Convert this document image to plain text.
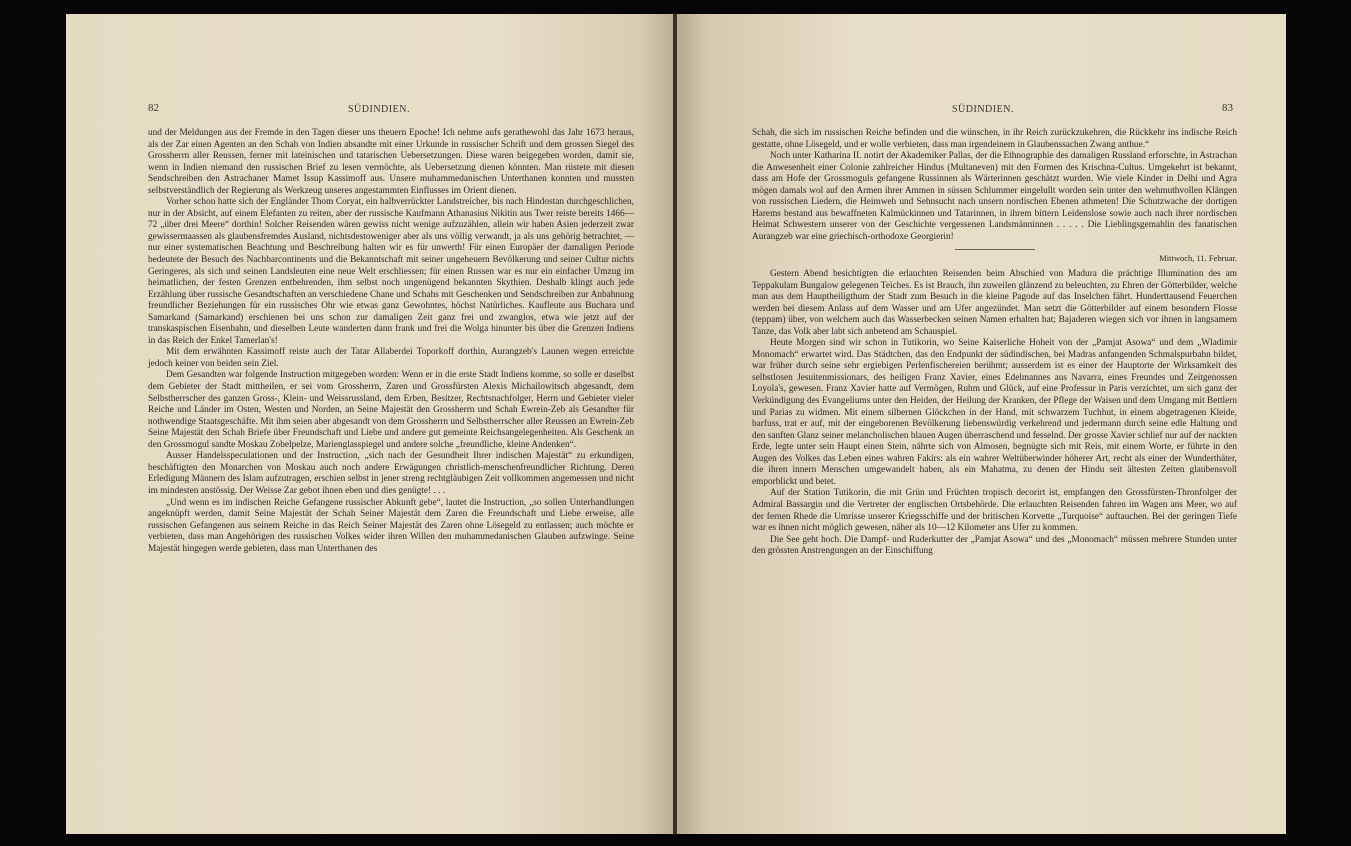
82	SÜDINDIEN.

und der Meldungen aus der Fremde in den Tagen dieser uns theuern Epoche! Ich nehme aufs gerathewohl das Jahr 1673 heraus, als der Zar einen Agenten an den Schah von Indien absandte mit einer Urkunde in russischer Schrift und dem grossen Siegel des Grossherrn aller Reussen, ferner mit lateinischen und tatarischen Uebersetzungen. Diese waren beigegeben worden, damit sie, wenn in Indien niemand den russischen Brief zu lesen vermöchte, als Uebersetzung dienen könnten. Man rüstete mit diesen Sendschreiben den Astrachaner Mamet Issup Kassimoff aus. Unsere muhammedanischen Unterthanen konnten und mussten selbstverständlich der Regierung als Werkzeug unseres angestammten Einflusses im Orient dienen.

Vorher schon hatte sich der Engländer Thom Coryat, ein halbverrückter Landstreicher, bis nach Hindostan durchgeschlichen, nur in der Absicht, auf einem Elefanten zu reiten, aber der russische Kaufmann Athanasius Nikitin aus Twer reiste bereits 1466—72 „über drei Meere“ dorthin! Solcher Reisenden wären gewiss nicht wenige aufzuzählen, allein wir haben Asien jederzeit zwar gewissermaassen als glaubensfremdes Ausland, nichtsdestoweniger aber als uns völlig verwandt, ja als uns gehörig betrachtet, — nur einer systematischen Beachtung und Beschreibung halten wir es für unwerth! Für einen Europäer der damaligen Periode bedeutete der Besuch des Nachbarcontinents und die Bekanntschaft mit seiner ungeheuern Bevölkerung und seiner Cultur nichts Geringeres, als sich und seinen Landsleuten eine neue Welt erschliessen; für einen Russen war es nur ein einfacher Umzug im heimatlichen, der festen Grenzen entbehrenden, ihm selbst noch ungenügend bekannten Skythien. Deshalb klingt auch jede Erzählung über russische Gesandtschaften an verschiedene Chane und Schahs mit Geschenken und Sendschreiben zur Anbahnung freundlicher Beziehungen für ein russisches Ohr wie etwas ganz Gewohntes, höchst Natürliches. Kaufleute aus Buchara und Samarkand (Samarkand) erschienen bei uns schon zur damaligen Zeit ganz frei und zwanglos, etwa wie jetzt auf der transkaspischen Eisenbahn, und dieselben Leute wanderten dann frank und frei die Wolga hinunter bis über die Grenzen Indiens in das Reich der Enkel Tamerlan's!

Mit dem erwähnten Kassimoff reiste auch der Tatar Allaberdei Toporkoff dorthin, Aurangzeb's Launen wegen erreichte jedoch keiner von beiden sein Ziel.

Dem Gesandten war folgende Instruction mitgegeben worden: Wenn er in die erste Stadt Indiens komme, so solle er daselbst dem Gebieter der Stadt mittheilen, er sei vom Grossherrn, Zaren und Grossfürsten Alexis Michailowitsch abgesandt, dem Selbstherrscher des ganzen Gross-, Klein- und Weissrussland, dem Erben, Besitzer, Rechtsnachfolger, Herrn und Gebieter vieler Reiche und Länder im Osten, Westen und Norden, an Seine Majestät den Grossherrn und Schah Ewrein-Zeb als Gesandter für nothwendige Staatsgeschäfte. Mit ihm seien aber abgesandt von dem Grossherrn und Selbstherrscher aller Reussen an Ewrein-Zeb Seine Majestät den Schah Briefe über Freundschaft und Liebe und andere gut gemeinte Reichsangelegenheiten. Als Geschenk an den Grossmogul sandte Moskau Zobelpelze, Marienglasspiegel und andere solche „freundliche, kleine Andenken“.

Ausser Handelsspeculationen und der Instruction, „sich nach der Gesundheit Ihrer indischen Majestät“ zu erkundigen, beschäftigten den Monarchen von Moskau auch noch andere Erwägungen christlich-menschenfreundlicher Richtung. Deren Erledigung Männern des Islam aufzutragen, erschien selbst in jener streng rechtgläubigen Zeit vollkommen angemessen und nicht im mindesten anstössig. Der Weisse Zar gebot ihnen eben und dies genügte! . . .

„Und wenn es im indischen Reiche Gefangene russischer Abkunft gebe“, lautet die Instruction, „so sollen Unterhandlungen angeknüpft werden, damit Seine Majestät der Schah Seiner Majestät dem Zaren die Freundschaft und Liebe erweise, alle russischen Gefangenen aus seinem Reiche in das Reich Seiner Majestät des Zaren ohne Lösegeld zu entlassen; auch möchte er verbieten, dass man Angehörigen des russischen Volkes wider ihren Willen den muhammedanischen Glauben aufzwinge. Seine Majestät hingegen werde gebieten, dass man Unterthanen des

SÜDINDIEN.	83

Schah, die sich im russischen Reiche befinden und die wünschen, in ihr Reich zurückzukehren, die Rückkehr ins indische Reich gestatte, ohne Lösegeld, und er wolle verbieten, dass man irgendeinem in Glaubenssachen Zwang anthue.“

Noch unter Katharina II. notirt der Akademiker Pallas, der die Ethnographie des damaligen Russland erforschte, in Astrachan die Anwesenheit einer Colonie zahlreicher Hindus (Multaneven) mit den Formen des Krischna-Cultus. Umgekehrt ist bekannt, dass am Hofe der Grossmoguls gefangene Russinnen als Wärterinnen geschätzt wurden. Wie viele Kinder in Delhi und Agra mögen damals wol auf den Armen ihrer Ammen in süssen Schlummer eingelullt worden sein unter den wehmuthvollen Klängen von russischen Liedern, die Heimweh und Sehnsucht nach unsern nordischen Ebenen athmeten! Die Schutzwache der dortigen Harems bestand aus bewaffneten Kalmückinnen und Tatarinnen, in ihrem bittern Leidenslose sowie auch nach ihrer nordischen Heimat Schwestern unserer von der Geschichte vergessenen Landsmänninnen . . . . . Die Lieblingsgemahlin des fanatischen Aurangzeb war eine griechisch-orthodoxe Georgierin!

Mittwoch, 11. Februar.

Gestern Abend besichtigten die erlauchten Reisenden beim Abschied von Madura die prächtige Illumination des am Teppakulam Bungalow gelegenen Teiches. Es ist Brauch, ihn zuweilen glänzend zu beleuchten, zu Ehren der Götterbilder, welche man aus dem Hauptheiligthum der Stadt zum Besuch in die kleine Pagode auf das Inselchen fährt. Hunderttausend Feuerchen werden bei diesem Anlass auf dem Wasser und am Ufer angezündet. Man setzt die Götterbilder auf einem besondern Flosse (teppam) über, von welchem auch das Wasserbecken seinen Namen erhalten hat; Bajaderen wiegen sich vor ihnen in langsamem Tanze, das Volk aber labt sich anbetend am Schauspiel.

Heute Morgen sind wir schon in Tutikorin, wo Seine Kaiserliche Hoheit von der „Pamjat Asowa“ und dem „Wladimir Monomach“ erwartet wird. Das Städtchen, das den Endpunkt der südindischen, bei Madras anfangenden Schmalspurbahn bildet, war früher durch seine sehr ergiebigen Perlenfischereien berühmt; ausserdem ist es einer der Hauptorte der Wirksamkeit des selbstlosen Jesuitenmissionars, des heiligen Franz Xavier, eines Edelmannes aus Navarra, eines Freundes und Zeitgenossen Loyola's, gewesen. Franz Xavier hatte auf Vermögen, Ruhm und Glück, auf eine Professur in Paris verzichtet, um sich ganz der Verkündigung des Evangeliums unter den Heiden, der Heilung der Kranken, der Pflege der Waisen und dem Umgang mit Bettlern und Parias zu widmen. Mit einem silbernen Glöckchen in der Hand, mit schwarzem Tuchhut, in einem abgetragenen Kleide, barfuss, trat er auf, mit der eingeborenen Bevölkerung liebenswürdig verkehrend und jedermann durch seine edle Haltung und den sanften Glanz seiner melancholischen blauen Augen überraschend und fesselnd. Der grosse Xavier schlief nur auf der nackten Erde, legte unter sein Haupt einen Stein, nährte sich von Almosen, begnügte sich mit Reis, mit einem Worte, er führte in den Augen des Volkes das Leben eines wahren Fakirs: als ein wahrer Weltüberwinder höherer Art, recht als einer der Wunderthäter, die ihren innern Menschen umgewandelt haben, als ein Mahatma, zu denen der Hindu seit ältesten Zeiten glaubensvoll emporblickt und betet.

Auf der Station Tutikorin, die mit Grün und Früchten tropisch decorirt ist, empfangen den Grossfürsten-Thronfolger der Admiral Bassargin und die Vertreter der englischen Ortsbehörde. Die erlauchten Reisenden fahren im Wagen ans Meer, wo auf der fernen Rhede die Umrisse unserer Kriegsschiffe und der britischen Korvette „Turquoise“ auftauchen. Bei der geringen Tiefe war es ihnen nicht möglich gewesen, näher als 10—12 Kilometer ans Ufer zu kommen.

Die See geht hoch. Die Dampf- und Ruderkutter der „Pamjat Asowa“ und des „Monomach“ müssen mehrere Stunden unter den grössten Anstrengungen an der Einschiffung
